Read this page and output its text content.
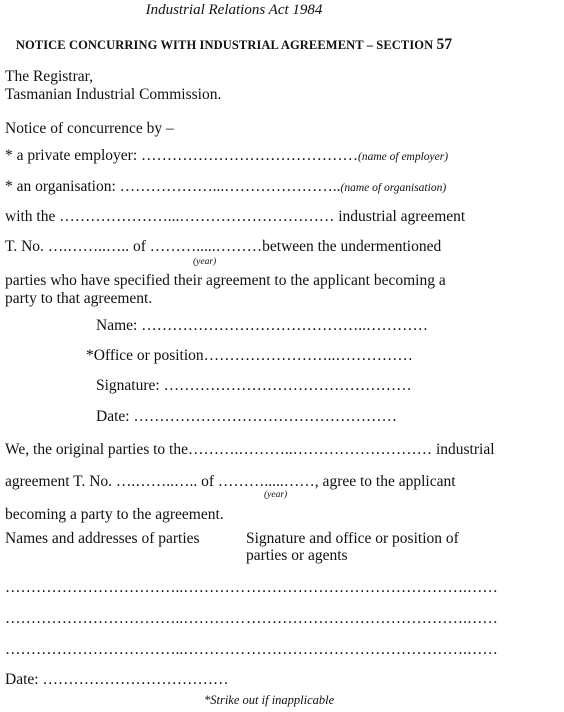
Industrial Relations Act 1984
NOTICE CONCURRING WITH INDUSTRIAL AGREEMENT – SECTION 57
The Registrar,
Tasmanian Industrial Commission.
Notice of concurrence by –
* a private employer: ……………………………………(name of employer)
* an organisation: ………………...…………………..(name of organisation)
with the …………………...………………………… industrial agreement
T. No. ….……..….. of ……….....………between the undermentioned
(year)
parties who have specified their agreement to the applicant becoming a
party to that agreement.
Name: ……………………………………..…………
*Office or position……………………..……………
Signature: …………………………………………
Date: ……………………………………………
We, the original parties to the……….………..……………………… industrial
agreement T. No. ….……..….. of ……….....……, agree to the applicant
(year)
becoming a party to the agreement.
Names and addresses of parties	Signature and office or position of
parties or agents
……………………………..………… …………………………………….……
……………………………..………… …………………………………….……
……………………………..………… …………………………………….……
Date: ………………………………
*Strike out if inapplicable
